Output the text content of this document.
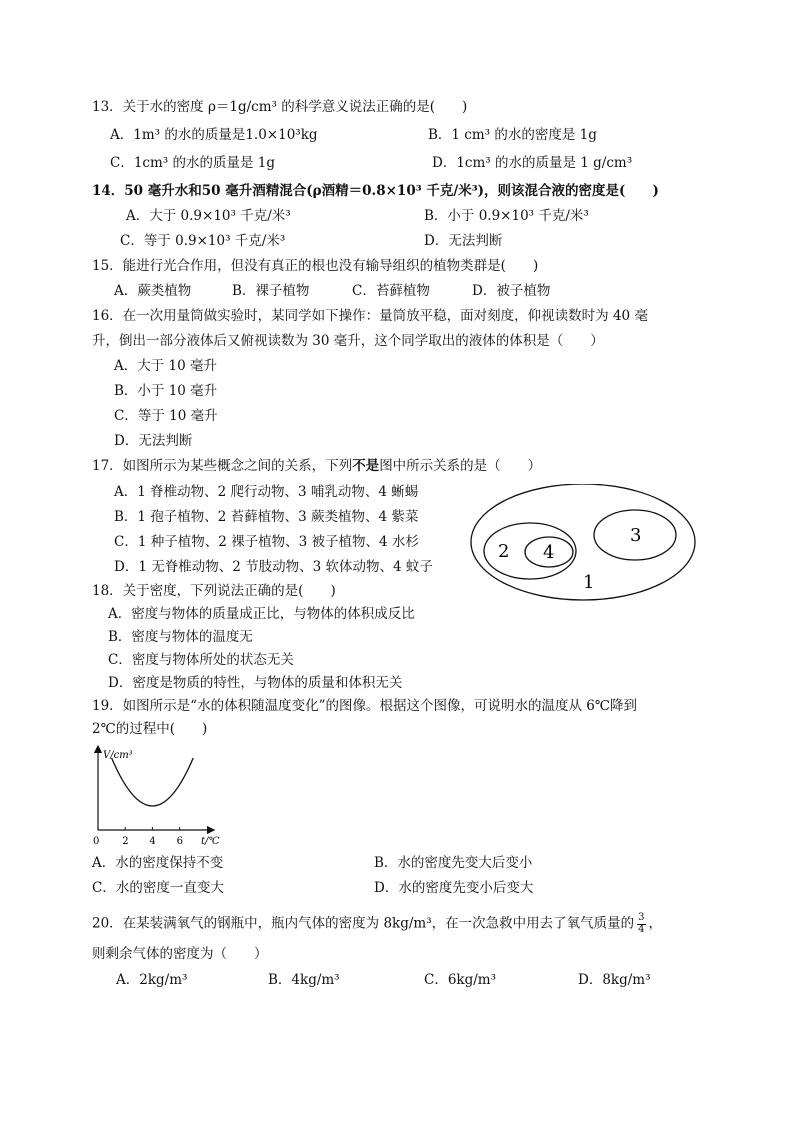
13．关于水的密度 ρ＝1g/cm³ 的科学意义说法正确的是(　　)
A．1m³ 的水的质量是1.0×10³kg	B．1 cm³ 的水的密度是 1g
C．1cm³ 的水的质量是 1g	D．1cm³ 的水的质量是 1 g/cm³
14．50 毫升水和50 毫升酒精混合(ρ酒精＝0.8×10³ 千克/米³)，则该混合液的密度是(　　)
A．大于 0.9×10³ 千克/米³	B．小于 0.9×10³ 千克/米³
C．等于 0.9×10³ 千克/米³	D．无法判断
15．能进行光合作用，但没有真正的根也没有输导组织的植物类群是(　　)
A．蕨类植物	B．裸子植物	C．苔藓植物	D．被子植物
16．在一次用量筒做实验时，某同学如下操作：量筒放平稳，面对刻度，仰视读数时为 40 毫
升，倒出一部分液体后又俯视读数为 30 毫升，这个同学取出的液体的体积是（　　）
A．大于 10 毫升
B．小于 10 毫升
C．等于 10 毫升
D．无法判断
17．如图所示为某些概念之间的关系，下列不是图中所示关系的是（　　）
A．1 脊椎动物、2 爬行动物、3 哺乳动物、4 蜥蜴
B．1 孢子植物、2 苔藓植物、3 蕨类植物、4 紫菜
C．1 种子植物、2 裸子植物、3 被子植物、4 水杉
D．1 无脊椎动物、2 节肢动物、3 软体动物、4 蚊子
2 4
3
1
18．关于密度，下列说法正确的是(　　)
A．密度与物体的质量成正比，与物体的体积成反比
B．密度与物体的温度无
C．密度与物体所处的状态无关
D．密度是物质的特性，与物体的质量和体积无关
19．如图所示是“水的体积随温度变化”的图像。根据这个图像，可说明水的温度从 6℃降到
2℃的过程中(　　)
V/cm³
t/℃
0 2 4 6
A．水的密度保持不变	B．水的密度先变大后变小
C．水的密度一直变大	D．水的密度先变小后变大
20．在某装满氧气的钢瓶中，瓶内气体的密度为 8kg/m³，在一次急救中用去了氧气质量的 $\frac{3}{4}$ ，
则剩余气体的密度为（　　）
A．2kg/m³	B．4kg/m³	C．6kg/m³	D．8kg/m³
